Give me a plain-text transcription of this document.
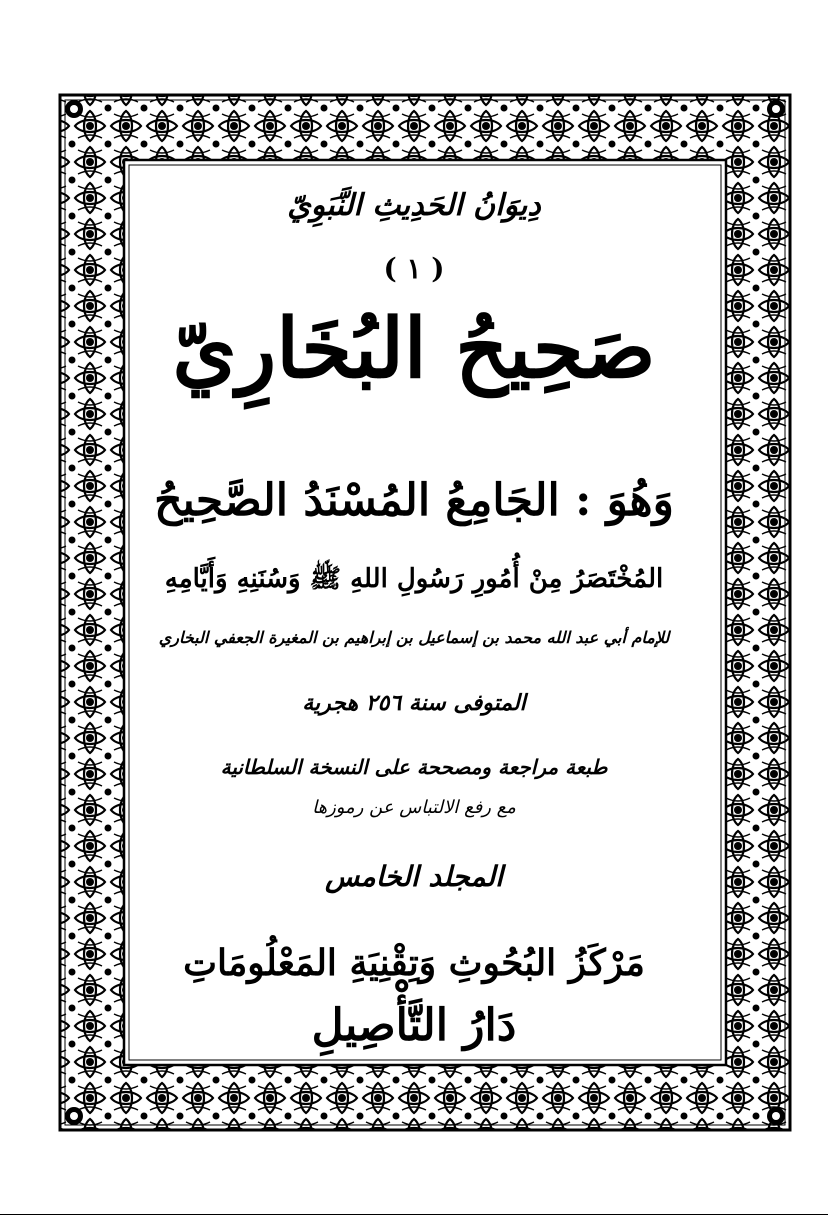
دِيوَانُ الحَدِيثِ النَّبَوِيّ
( ١ )
صَحِيحُ البُخَارِيّ
وَهُوَ : الجَامِعُ المُسْنَدُ الصَّحِيحُ
المُخْتَصَرُ مِنْ أُمُورِ رَسُولِ اللهِ ﷺ وَسُنَنِهِ وَأَيَّامِهِ
للإمام أبي عبد الله محمد بن إسماعيل بن إبراهيم بن المغيرة الجعفي البخاري
المتوفى سنة ٢٥٦ هجرية
طبعة مراجعة ومصححة على النسخة السلطانية
مع رفع الالتباس عن رموزها
المجلد الخامس
مَرْكَزُ البُحُوثِ وَتِقْنِيَةِ المَعْلُومَاتِ
دَارُ التَّأْصِيلِ
